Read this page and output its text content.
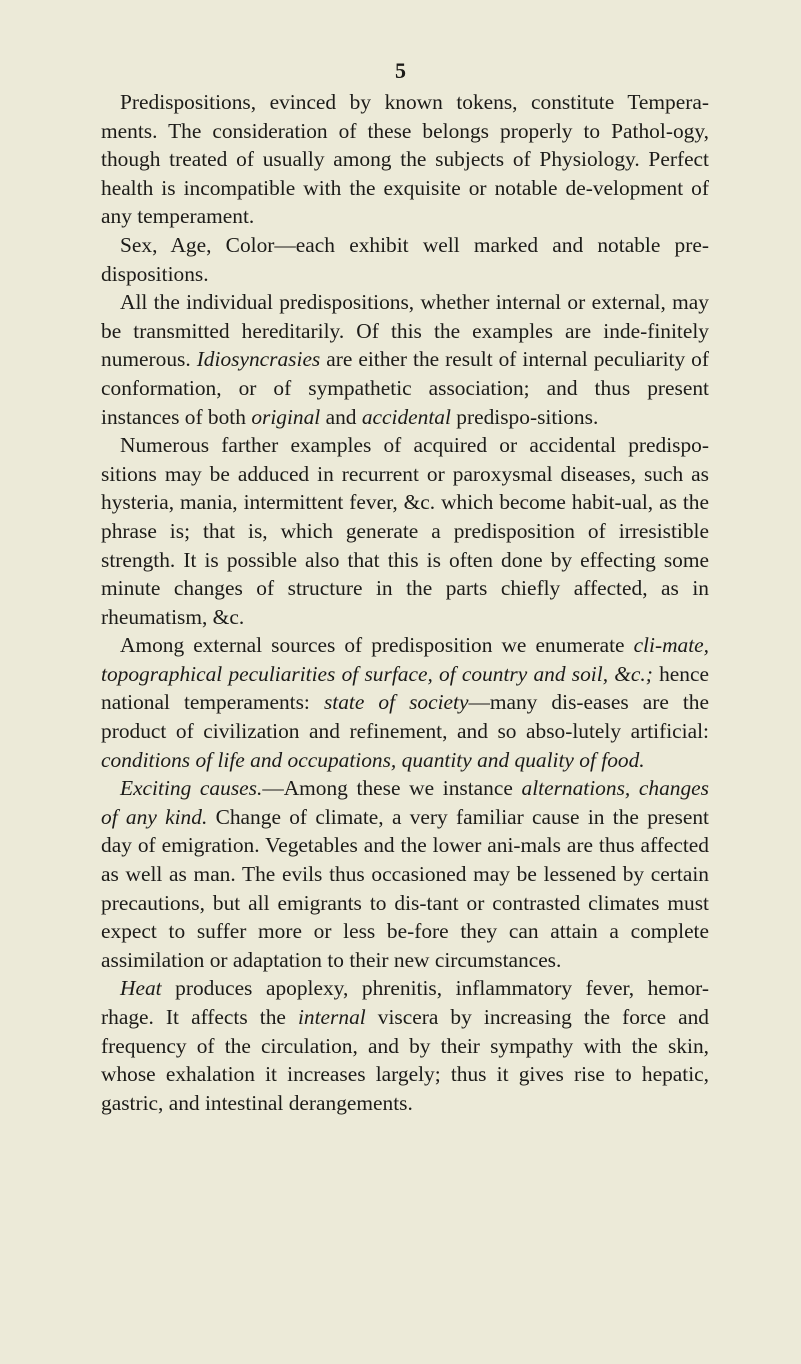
5

Predispositions, evinced by known tokens, constitute Tempera-ments. The consideration of these belongs properly to Pathol-ogy, though treated of usually among the subjects of Physiology. Perfect health is incompatible with the exquisite or notable de-velopment of any temperament.

Sex, Age, Color—each exhibit well marked and notable pre-dispositions.

All the individual predispositions, whether internal or external, may be transmitted hereditarily. Of this the examples are inde-finitely numerous. Idiosyncrasies are either the result of internal peculiarity of conformation, or of sympathetic association; and thus present instances of both original and accidental predispo-sitions.

Numerous farther examples of acquired or accidental predispo-sitions may be adduced in recurrent or paroxysmal diseases, such as hysteria, mania, intermittent fever, &c. which become habit-ual, as the phrase is; that is, which generate a predisposition of irresistible strength. It is possible also that this is often done by effecting some minute changes of structure in the parts chiefly affected, as in rheumatism, &c.

Among external sources of predisposition we enumerate cli-mate, topographical peculiarities of surface, of country and soil, &c.; hence national temperaments: state of society—many dis-eases are the product of civilization and refinement, and so abso-lutely artificial: conditions of life and occupations, quantity and quality of food.

Exciting causes.—Among these we instance alternations, changes of any kind. Change of climate, a very familiar cause in the present day of emigration. Vegetables and the lower ani-mals are thus affected as well as man. The evils thus occasioned may be lessened by certain precautions, but all emigrants to dis-tant or contrasted climates must expect to suffer more or less be-fore they can attain a complete assimilation or adaptation to their new circumstances.

Heat produces apoplexy, phrenitis, inflammatory fever, hemor-rhage. It affects the internal viscera by increasing the force and frequency of the circulation, and by their sympathy with the skin, whose exhalation it increases largely; thus it gives rise to hepatic, gastric, and intestinal derangements.
